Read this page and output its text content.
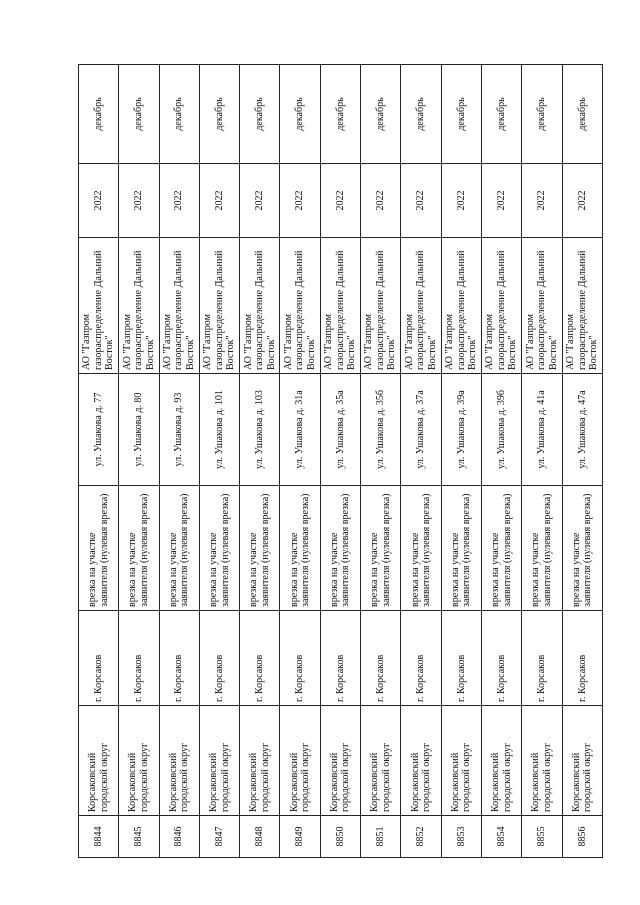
8844	Корсаковский городской округ	г. Корсаков	врезка на участке заявителя (нулевая врезка)	ул. Ушакова д. 77	АО "Газпром газораспределение Дальний Восток"	2022	декабрь
8845	Корсаковский городской округ	г. Корсаков	врезка на участке заявителя (нулевая врезка)	ул. Ушакова д. 80	АО "Газпром газораспределение Дальний Восток"	2022	декабрь
8846	Корсаковский городской округ	г. Корсаков	врезка на участке заявителя (нулевая врезка)	ул. Ушакова д. 93	АО "Газпром газораспределение Дальний Восток"	2022	декабрь
8847	Корсаковский городской округ	г. Корсаков	врезка на участке заявителя (нулевая врезка)	ул. Ушакова д. 101	АО "Газпром газораспределение Дальний Восток"	2022	декабрь
8848	Корсаковский городской округ	г. Корсаков	врезка на участке заявителя (нулевая врезка)	ул. Ушакова д. 103	АО "Газпром газораспределение Дальний Восток"	2022	декабрь
8849	Корсаковский городской округ	г. Корсаков	врезка на участке заявителя (нулевая врезка)	ул. Ушакова д. 31а	АО "Газпром газораспределение Дальний Восток"	2022	декабрь
8850	Корсаковский городской округ	г. Корсаков	врезка на участке заявителя (нулевая врезка)	ул. Ушакова д. 35а	АО "Газпром газораспределение Дальний Восток"	2022	декабрь
8851	Корсаковский городской округ	г. Корсаков	врезка на участке заявителя (нулевая врезка)	ул. Ушакова д. 35б	АО "Газпром газораспределение Дальний Восток"	2022	декабрь
8852	Корсаковский городской округ	г. Корсаков	врезка на участке заявителя (нулевая врезка)	ул. Ушакова д. 37а	АО "Газпром газораспределение Дальний Восток"	2022	декабрь
8853	Корсаковский городской округ	г. Корсаков	врезка на участке заявителя (нулевая врезка)	ул. Ушакова д. 39а	АО "Газпром газораспределение Дальний Восток"	2022	декабрь
8854	Корсаковский городской округ	г. Корсаков	врезка на участке заявителя (нулевая врезка)	ул. Ушакова д. 39б	АО "Газпром газораспределение Дальний Восток"	2022	декабрь
8855	Корсаковский городской округ	г. Корсаков	врезка на участке заявителя (нулевая врезка)	ул. Ушакова д. 41а	АО "Газпром газораспределение Дальний Восток"	2022	декабрь
8856	Корсаковский городской округ	г. Корсаков	врезка на участке заявителя (нулевая врезка)	ул. Ушакова д. 47а	АО "Газпром газораспределение Дальний Восток"	2022	декабрь
